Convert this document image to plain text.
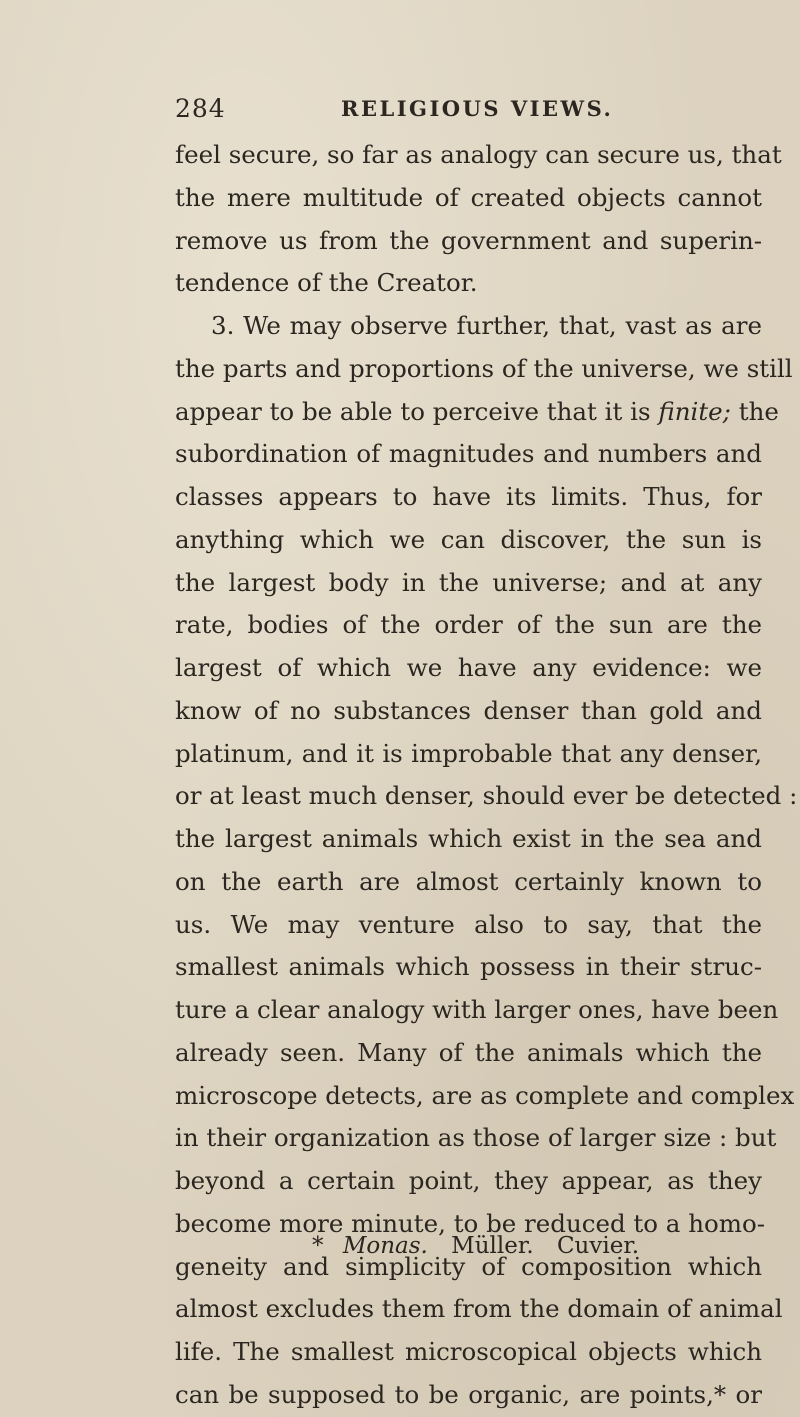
284	RELIGIOUS VIEWS.
feel secure, so far as analogy can secure us, that
the mere multitude of created objects cannot
remove us from the government and superin-
tendence of the Creator.
3. We may observe further, that, vast as are
the parts and proportions of the universe, we still
appear to be able to perceive that it is finite; the
subordination of magnitudes and numbers and
classes appears to have its limits. Thus, for
anything which we can discover, the sun is
the largest body in the universe; and at any
rate, bodies of the order of the sun are the
largest of which we have any evidence: we
know of no substances denser than gold and
platinum, and it is improbable that any denser,
or at least much denser, should ever be detected :
the largest animals which exist in the sea and
on the earth are almost certainly known to
us. We may venture also to say, that the
smallest animals which possess in their struc-
ture a clear analogy with larger ones, have been
already seen. Many of the animals which the
microscope detects, are as complete and complex
in their organization as those of larger size : but
beyond a certain point, they appear, as they
become more minute, to be reduced to a homo-
geneity and simplicity of composition which
almost excludes them from the domain of animal
life. The smallest microscopical objects which
can be supposed to be organic, are points,* or
* Monas. Müller. Cuvier.
